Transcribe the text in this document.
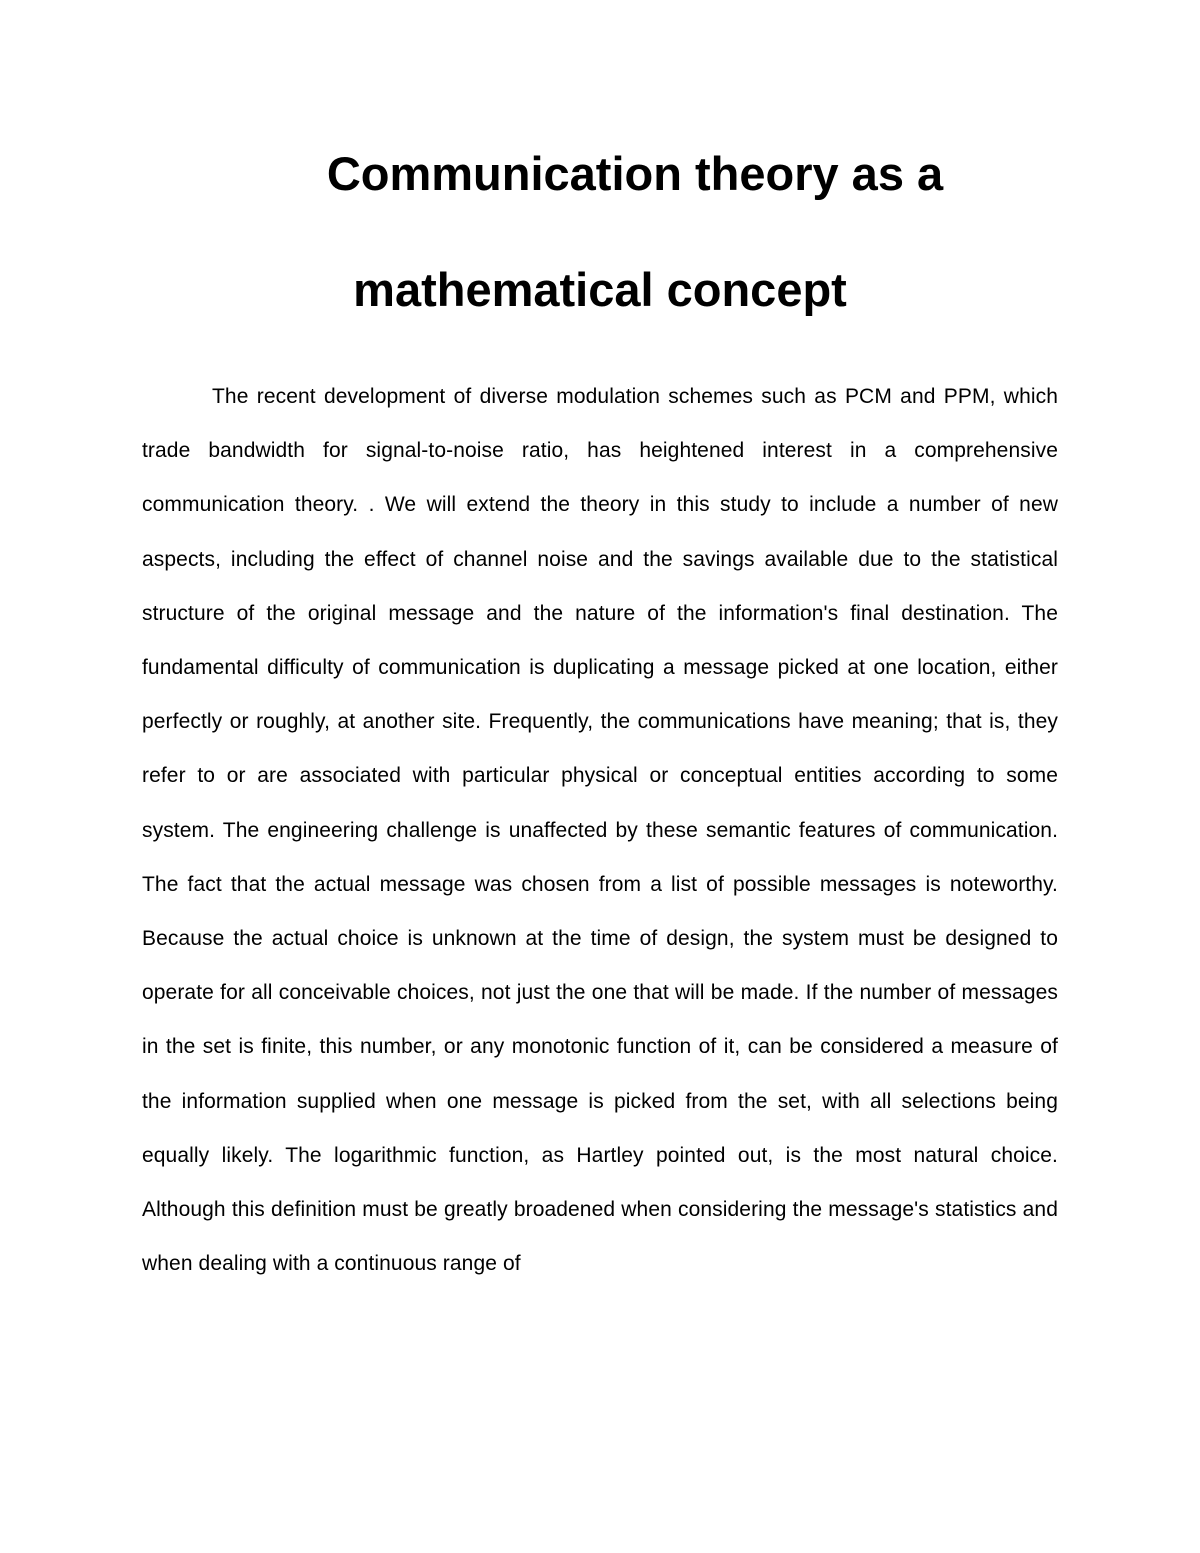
Communication theory as a
mathematical concept

The recent development of diverse modulation schemes such as PCM and PPM, which trade bandwidth for signal-to-noise ratio, has heightened interest in a comprehensive communication theory. . We will extend the theory in this study to include a number of new aspects, including the effect of channel noise and the savings available due to the statistical structure of the original message and the nature of the information's final destination. The fundamental difficulty of communication is duplicating a message picked at one location, either perfectly or roughly, at another site. Frequently, the communications have meaning; that is, they refer to or are associated with particular physical or conceptual entities according to some system. The engineering challenge is unaffected by these semantic features of communication. The fact that the actual message was chosen from a list of possible messages is noteworthy. Because the actual choice is unknown at the time of design, the system must be designed to operate for all conceivable choices, not just the one that will be made. If the number of messages in the set is finite, this number, or any monotonic function of it, can be considered a measure of the information supplied when one message is picked from the set, with all selections being equally likely. The logarithmic function, as Hartley pointed out, is the most natural choice. Although this definition must be greatly broadened when considering the message's statistics and when dealing with a continuous range of
